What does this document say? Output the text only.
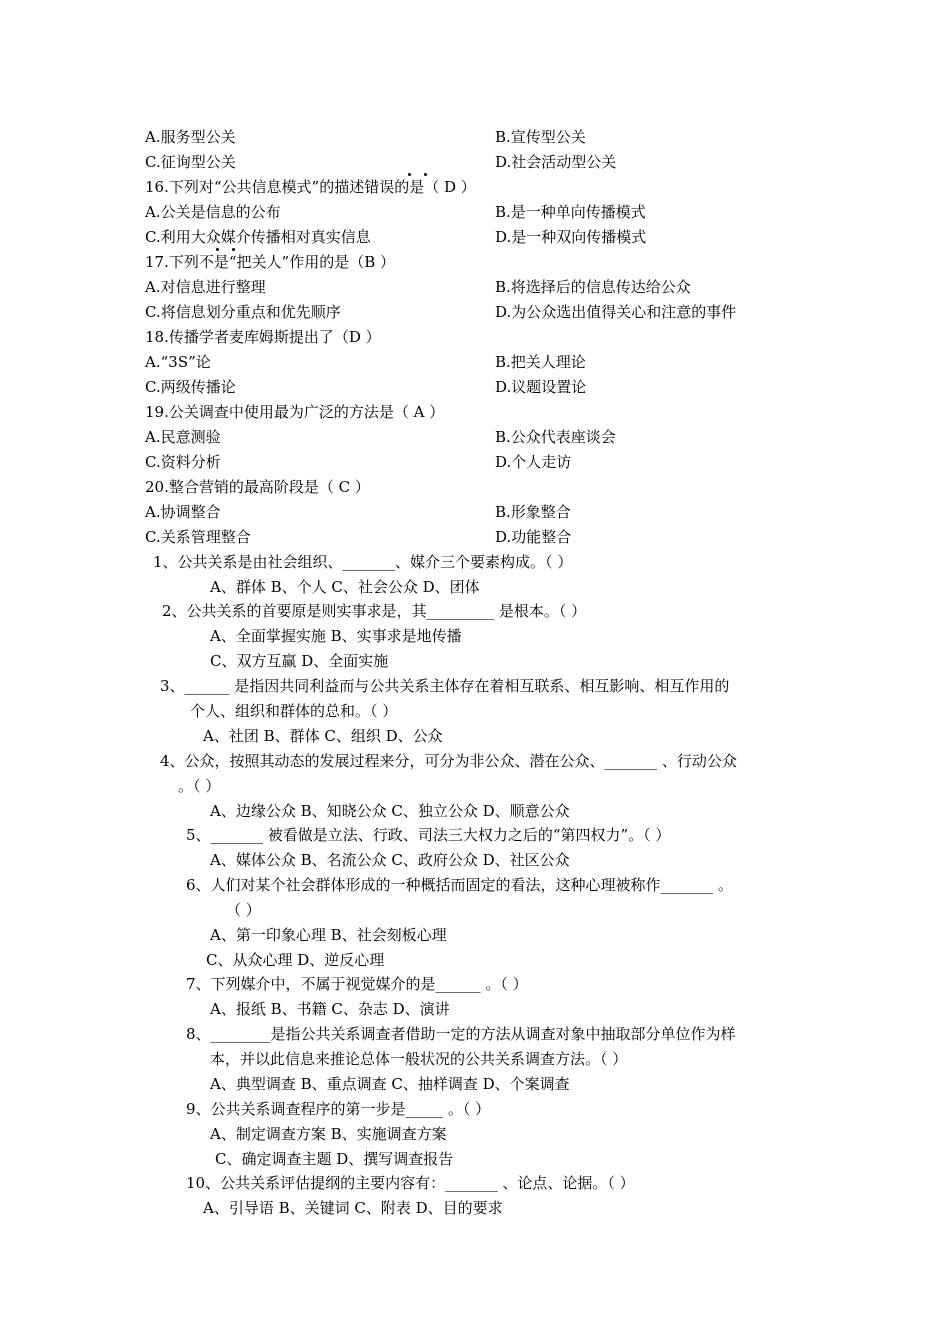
A.服务型公关	B.宣传型公关
C.征询型公关	D.社会活动型公关
16.下列对“公共信息模式”的描述错误的是（ D ）
A.公关是信息的公布	B.是一种单向传播模式
C.利用大众媒介传播相对真实信息	D.是一种双向传播模式
17.下列不是“把关人”作用的是（B ）
A.对信息进行整理	B.将选择后的信息传达给公众
C.将信息划分重点和优先顺序	D.为公众选出值得关心和注意的事件
18.传播学者麦库姆斯提出了（D ）
A.“3S”论	B.把关人理论
C.两级传播论	D.议题设置论
19.公关调查中使用最为广泛的方法是（ A ）
A.民意测验	B.公众代表座谈会
C.资料分析	D.个人走访
20.整合营销的最高阶段是（ C ）
A.协调整合	B.形象整合
C.关系管理整合	D.功能整合
1、公共关系是由社会组织、_______、媒介三个要素构成。（ ）
A、群体 B、个人 C、社会公众 D、团体
2、公共关系的首要原是则实事求是，其_________ 是根本。（ ）
A、全面掌握实施 B、实事求是地传播
C、双方互赢 D、全面实施
3、______ 是指因共同利益而与公共关系主体存在着相互联系、相互影响、相互作用的
个人、组织和群体的总和。（ ）
A、社团 B、群体 C、组织 D、公众
4、公众，按照其动态的发展过程来分，可分为非公众、潜在公众、_______ 、行动公众
。（ ）
A、边缘公众 B、知晓公众 C、独立公众 D、顺意公众
5、_______ 被看做是立法、行政、司法三大权力之后的“第四权力”。（ ）
A、媒体公众 B、名流公众 C、政府公众 D、社区公众
6、人们对某个社会群体形成的一种概括而固定的看法，这种心理被称作_______ 。
（ ）
A、第一印象心理 B、社会刻板心理
C、从众心理 D、逆反心理
7、下列媒介中，不属于视觉媒介的是______ 。（ ）
A、报纸 B、书籍 C、杂志 D、演讲
8、________是指公共关系调查者借助一定的方法从调查对象中抽取部分单位作为样
本，并以此信息来推论总体一般状况的公共关系调查方法。（ ）
A、典型调查 B、重点调查 C、抽样调查 D、个案调查
9、公共关系调查程序的第一步是_____ 。（ ）
A、制定调查方案 B、实施调查方案
C、确定调查主题 D、撰写调查报告
10、公共关系评估提纲的主要内容有：_______ 、论点、论据。（ ）
A、引导语 B、关键词 C、附表 D、目的要求
